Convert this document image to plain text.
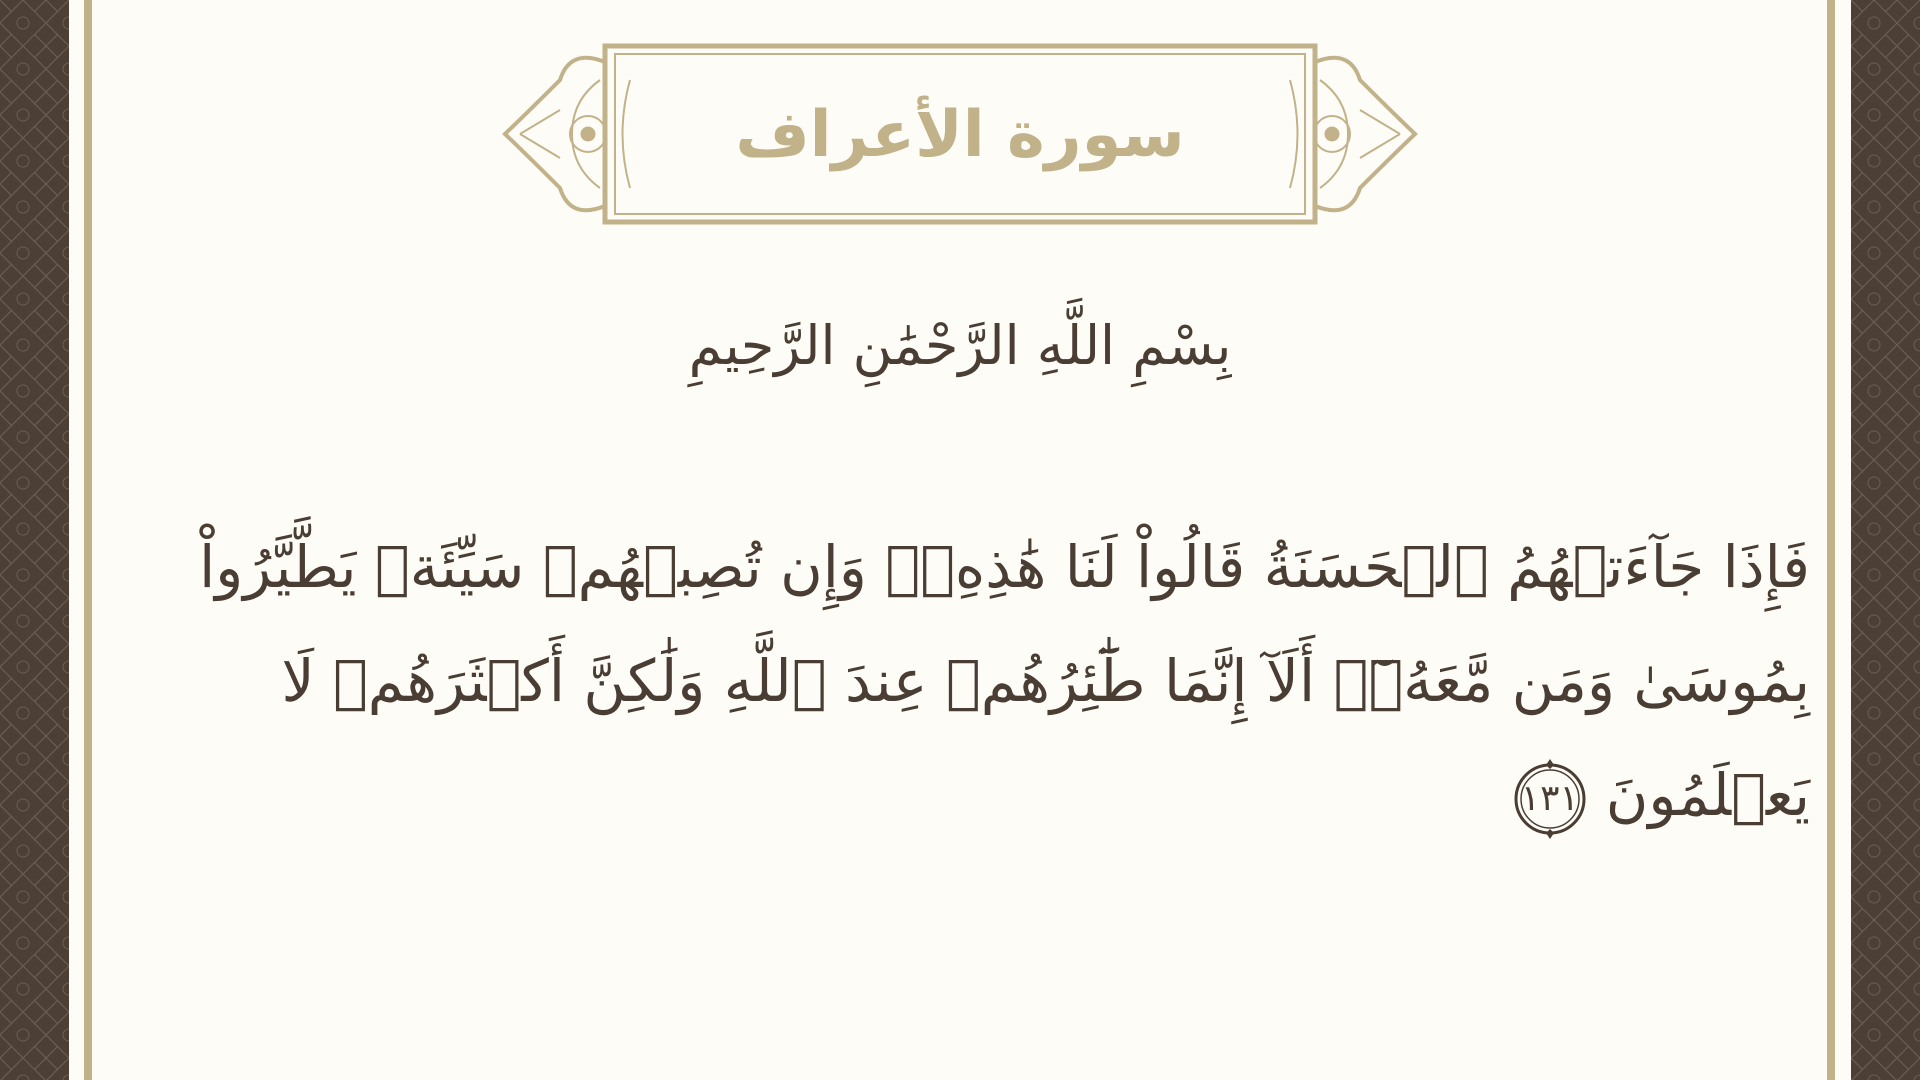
سورة الأعراف
بِسْمِ اللَّهِ الرَّحْمَٰنِ الرَّحِيمِ
فَإِذَا جَآءَتۡهُمُ ٱلۡحَسَنَةُ قَالُواْ لَنَا هَٰذِهِۦۖ وَإِن تُصِبۡهُمۡ سَيِّئَةٞ يَطَّيَّرُواْ
بِمُوسَىٰ وَمَن مَّعَهُۥٓۗ أَلَآ إِنَّمَا طَٰٓئِرُهُمۡ عِندَ ٱللَّهِ وَلَٰكِنَّ أَكۡثَرَهُمۡ لَا
يَعۡلَمُونَ
١٣١
